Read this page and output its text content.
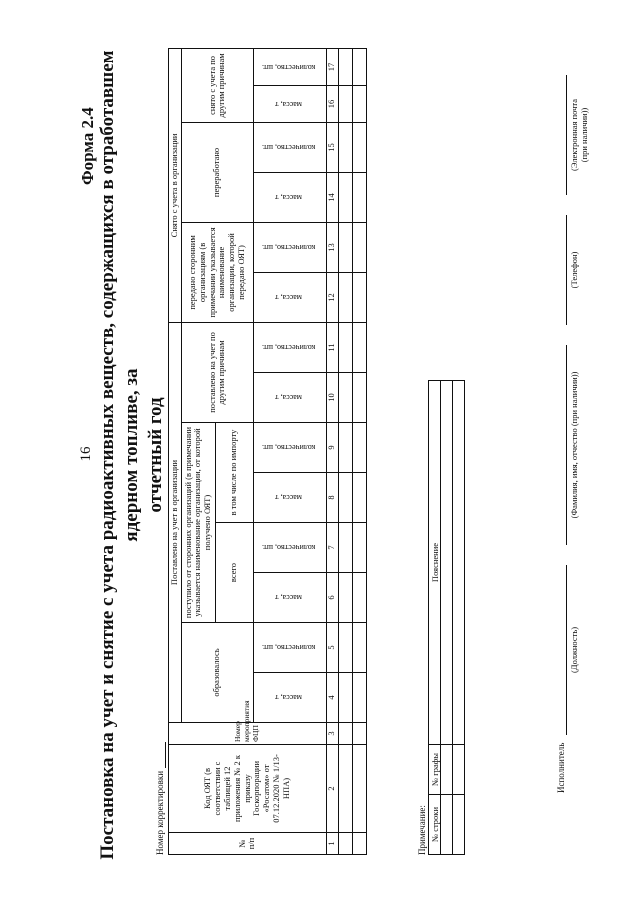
16
Форма 2.4 Постановка на учет и снятие с учета радиоактивных веществ, содержащихся в отработавшем ядерном топливе, за отчетный год
Номер корректировки	№ п/п	Код ОЯТ (в соответствии с таблицей 12 приложения № 2 к приказу Госкорпорации «Росатом» от 07.12.2020 № 1/13-НПА)	Номер мероприятия ФЦП	Поставлено на учет в организации								Снято с учета в организации					
			образовалось		поступило от сторонних организаций (в примечании указывается наименование организации, от которой получено ОЯТ)				поставлено на учет по другим причинам		передано сторонним организациям (в примечании указывается наименование организации, которой передано ОЯТ)		переработано		снято с учета по другим причинам	
					всего		в том числе по импорту									
			масса, т	количество, шт.	масса, т	количество, шт.	масса, т	количество, шт.	масса, т	количество, шт.	масса, т	количество, шт.	масса, т	количество, шт.	масса, т	количество, шт.
1	2	3	4	5	6	7	8	9	10	11	12	13	14	15	16	17

Примечание: № строки	№ графы	Пояснение

Исполнитель
(Должность)
(Фамилия, имя, отчество (при наличии))
(Телефон)
(Электронная почта (при наличии))
